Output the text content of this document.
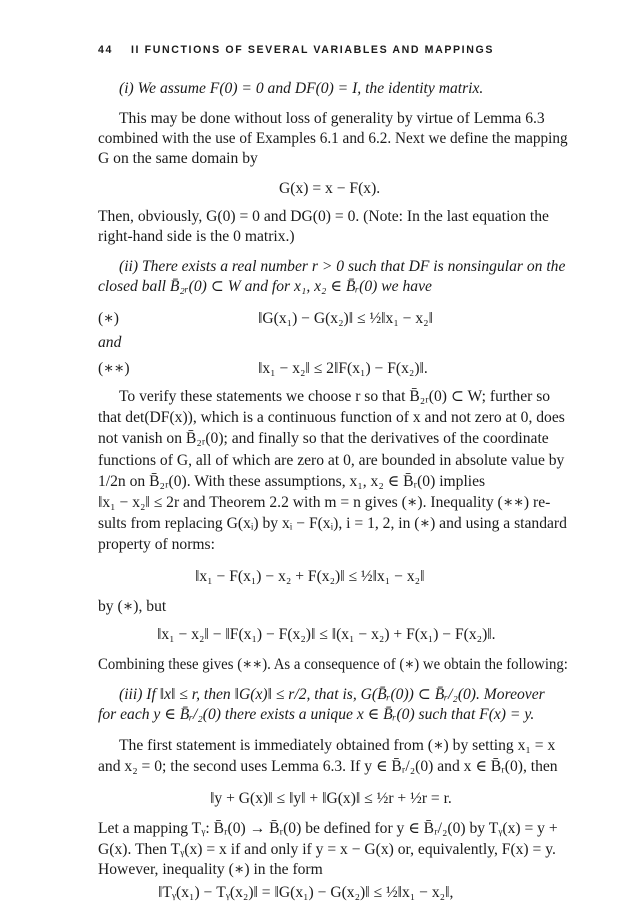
44 II FUNCTIONS OF SEVERAL VARIABLES AND MAPPINGS
(i) We assume F(0) = 0 and DF(0) = I, the identity matrix.
This may be done without loss of generality by virtue of Lemma 6.3
combined with the use of Examples 6.1 and 6.2. Next we define the mapping
G on the same domain by
G(x) = x − F(x).
Then, obviously, G(0) = 0 and DG(0) = 0. (Note: In the last equation the
right-hand side is the 0 matrix.)
(ii) There exists a real number r > 0 such that DF is nonsingular on the
closed ball B̄₂ᵣ(0) ⊂ W and for x₁, x₂ ∈ B̄ᵣ(0) we have
(∗)	‖G(x₁) − G(x₂)‖ ≤ ½‖x₁ − x₂‖
and
(∗∗)	‖x₁ − x₂‖ ≤ 2‖F(x₁) − F(x₂)‖.
To verify these statements we choose r so that B̄₂ᵣ(0) ⊂ W; further so
that det(DF(x)), which is a continuous function of x and not zero at 0, does
not vanish on B̄₂ᵣ(0); and finally so that the derivatives of the coordinate
functions of G, all of which are zero at 0, are bounded in absolute value by
1/2n on B̄₂ᵣ(0). With these assumptions, x₁, x₂ ∈ B̄ᵣ(0) implies
‖x₁ − x₂‖ ≤ 2r and Theorem 2.2 with m = n gives (∗). Inequality (∗∗) re-
sults from replacing G(xᵢ) by xᵢ − F(xᵢ), i = 1, 2, in (∗) and using a standard
property of norms:
‖x₁ − F(x₁) − x₂ + F(x₂)‖ ≤ ½‖x₁ − x₂‖
by (∗), but
‖x₁ − x₂‖ − ‖F(x₁) − F(x₂)‖ ≤ ‖(x₁ − x₂) + F(x₁) − F(x₂)‖.
Combining these gives (∗∗). As a consequence of (∗) we obtain the following:
(iii) If ‖x‖ ≤ r, then ‖G(x)‖ ≤ r/2, that is, G(B̄ᵣ(0)) ⊂ B̄ᵣ/₂(0). Moreover
for each y ∈ B̄ᵣ/₂(0) there exists a unique x ∈ B̄ᵣ(0) such that F(x) = y.
The first statement is immediately obtained from (∗) by setting x₁ = x
and x₂ = 0; the second uses Lemma 6.3. If y ∈ B̄ᵣ/₂(0) and x ∈ B̄ᵣ(0), then
‖y + G(x)‖ ≤ ‖y‖ + ‖G(x)‖ ≤ ½r + ½r = r.
Let a mapping Tᵧ: B̄ᵣ(0) → B̄ᵣ(0) be defined for y ∈ B̄ᵣ/₂(0) by Tᵧ(x) = y +
G(x). Then Tᵧ(x) = x if and only if y = x − G(x) or, equivalently, F(x) = y.
However, inequality (∗) in the form
‖Tᵧ(x₁) − Tᵧ(x₂)‖ = ‖G(x₁) − G(x₂)‖ ≤ ½‖x₁ − x₂‖,
